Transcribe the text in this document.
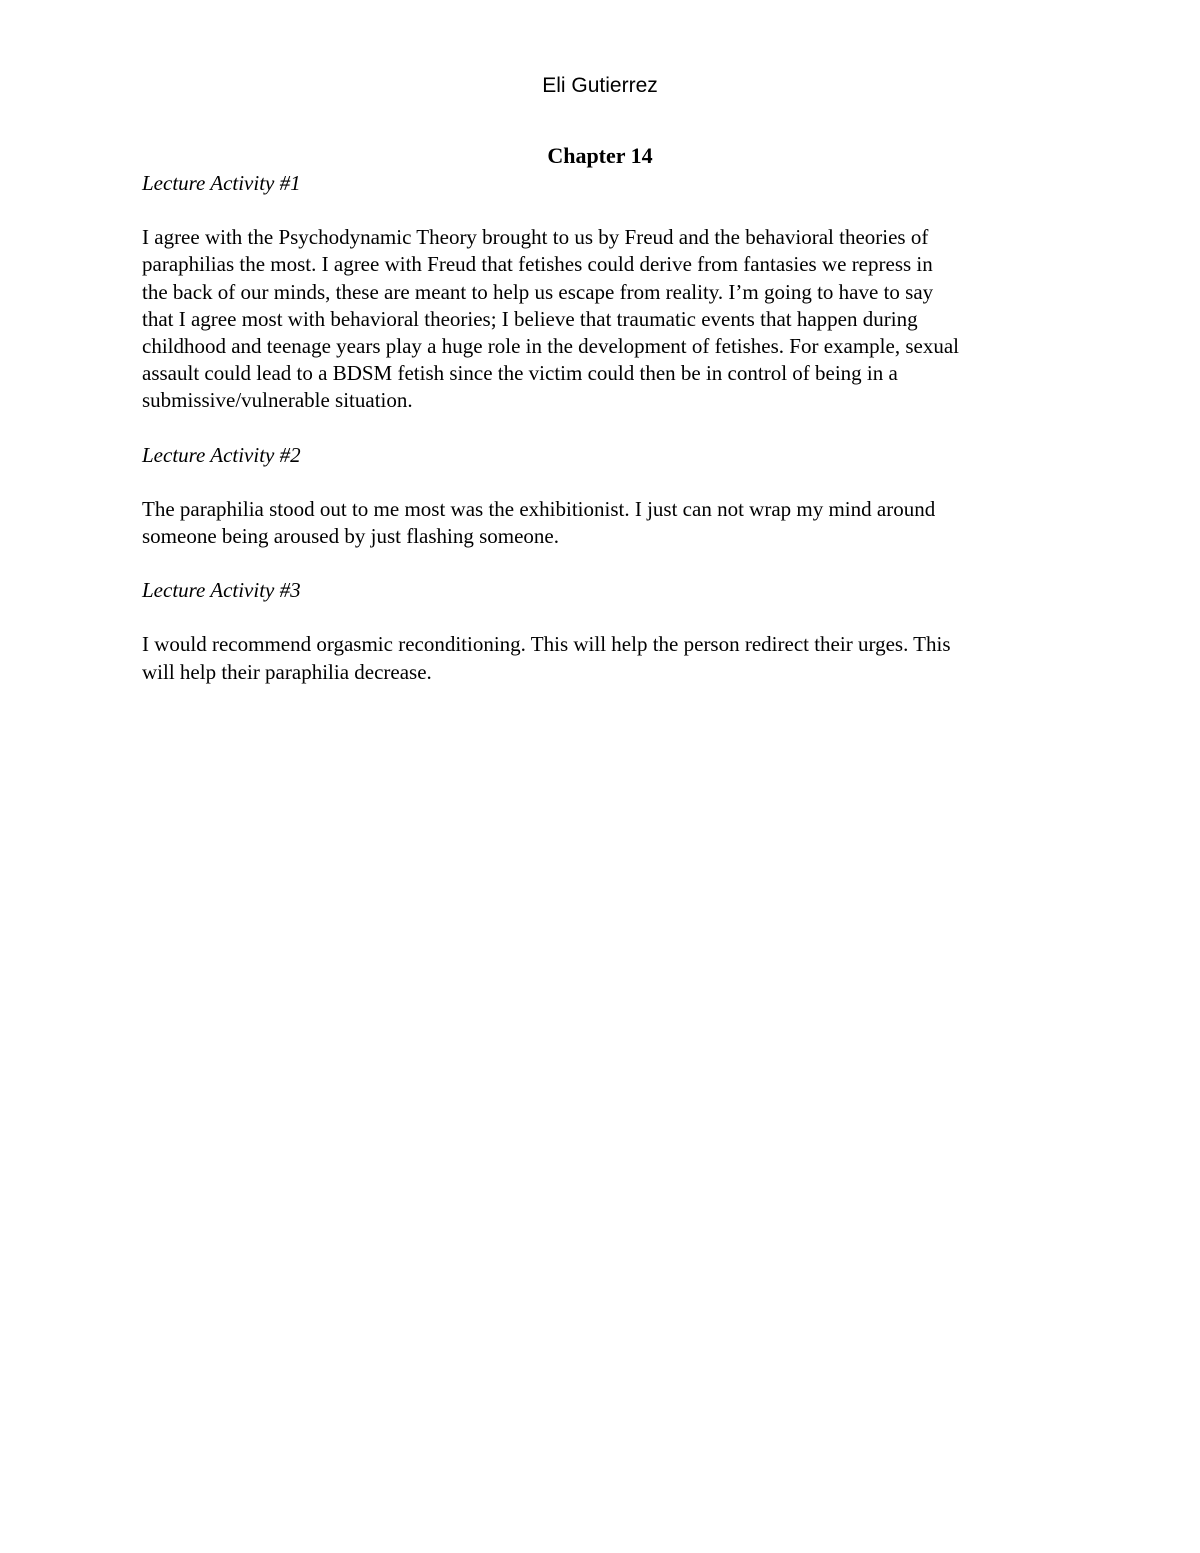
Eli Gutierrez

Chapter 14

Lecture Activity #1

I agree with the Psychodynamic Theory brought to us by Freud and the behavioral theories of
paraphilias the most. I agree with Freud that fetishes could derive from fantasies we repress in
the back of our minds, these are meant to help us escape from reality. I’m going to have to say
that I agree most with behavioral theories; I believe that traumatic events that happen during
childhood and teenage years play a huge role in the development of fetishes. For example, sexual
assault could lead to a BDSM fetish since the victim could then be in control of being in a
submissive/vulnerable situation.

Lecture Activity #2

The paraphilia stood out to me most was the exhibitionist. I just can not wrap my mind around
someone being aroused by just flashing someone.

Lecture Activity #3

I would recommend orgasmic reconditioning. This will help the person redirect their urges. This
will help their paraphilia decrease.
